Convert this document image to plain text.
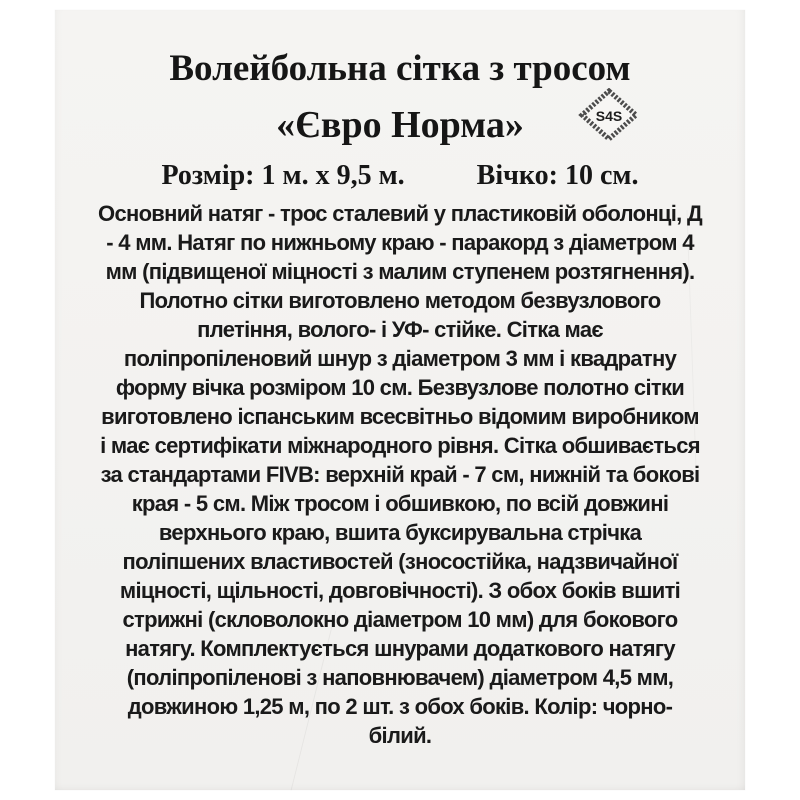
Волейбольна сітка з тросом
«Євро Норма»	S4S
Розмір: 1 м. х 9,5 м.	Вічко: 10 см.
Основний натяг - трос сталевий у пластиковій оболонці, Д
- 4 мм. Натяг по нижньому краю - паракорд з діаметром 4
мм (підвищеної міцності з малим ступенем розтягнення).
Полотно сітки виготовлено методом безвузлового
плетіння, волого- і УФ- стійке. Сітка має
поліпропіленовий шнур з діаметром 3 мм і квадратну
форму вічка розміром 10 см. Безвузлове полотно сітки
виготовлено іспанським всесвітньо відомим виробником
і має сертифікати міжнародного рівня. Сітка обшивається
за стандартами FIVB: верхній край - 7 см, нижній та бокові
края - 5 см. Між тросом і обшивкою, по всій довжині
верхнього краю, вшита буксирувальна стрічка
поліпшених властивостей (зносостійка, надзвичайної
міцності, щільності, довговічності). З обох боків вшиті
стрижні (скловолокно діаметром 10 мм) для бокового
натягу. Комплектується шнурами додаткового натягу
(поліпропіленові з наповнювачем) діаметром 4,5 мм,
довжиною 1,25 м, по 2 шт. з обох боків. Колір: чорно-
білий.
